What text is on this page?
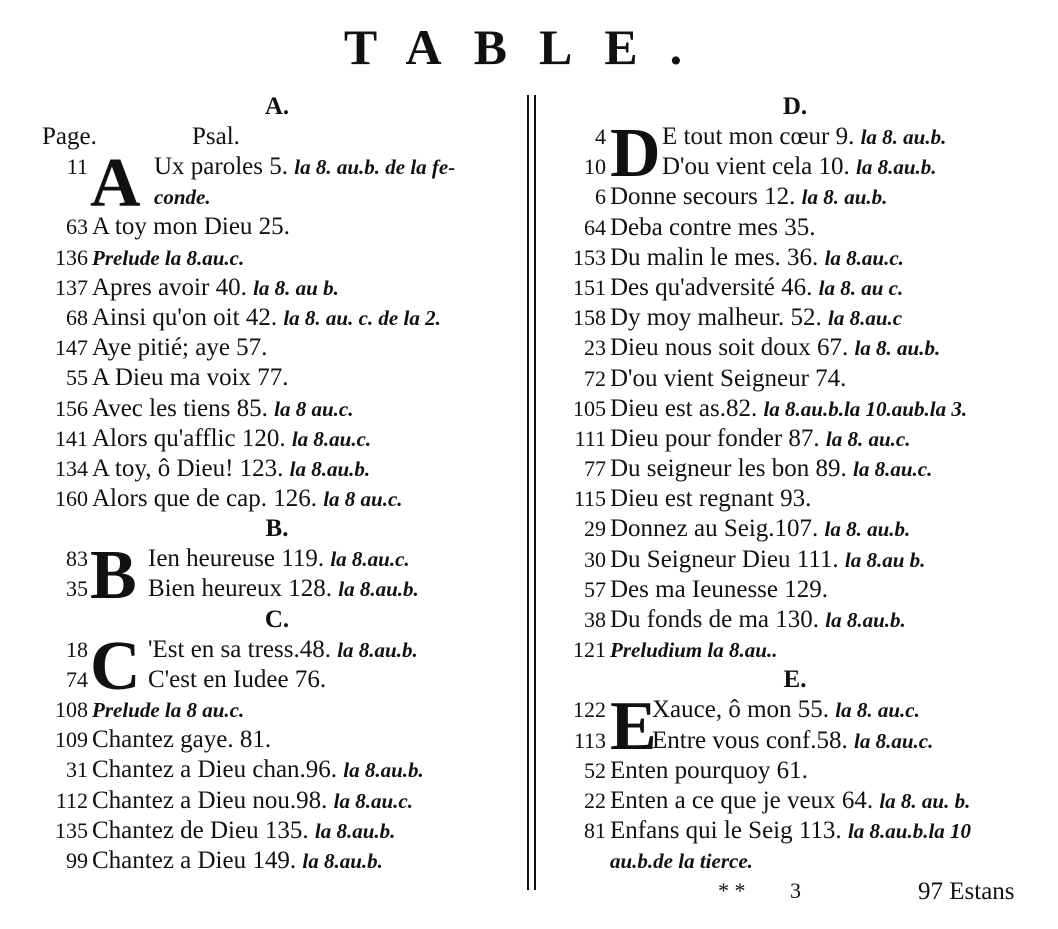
TABLE.
A.
Page.	Psal.
A
11	Ux paroles 5. la 8. au.b. de la fe-
conde.
63 A toy mon Dieu 25.
136 Prelude la 8.au.c.
137 Apres avoir 40. la 8. au b.
68 Ainsi qu'on oit 42. la 8. au. c. de la 2.
147 Aye pitié; aye 57.
55 A Dieu ma voix 77.
156 Avec les tiens 85. la 8 au.c.
141 Alors qu'afflic 120. la 8.au.c.
134 A toy, ô Dieu! 123. la 8.au.b.
160 Alors que de cap. 126. la 8 au.c.
B.
B
83	Ien heureuse 119. la 8.au.c.
35	Bien heureux 128. la 8.au.b.
C.
C
18	'Est en sa tress.48. la 8.au.b.
74	C'est en Iudee 76.
108 Prelude la 8 au.c.
109 Chantez gaye. 81.
31 Chantez a Dieu chan.96. la 8.au.b.
112 Chantez a Dieu nou.98. la 8.au.c.
135 Chantez de Dieu 135. la 8.au.b.
99 Chantez a Dieu 149. la 8.au.b.
D.
D
4	E tout mon cœur 9. la 8. au.b.
10	D'ou vient cela 10. la 8.au.b.
6 Donne secours 12. la 8. au.b.
64 Deba contre mes 35.
153 Du malin le mes. 36. la 8.au.c.
151 Des qu'adversité 46. la 8. au c.
158 Dy moy malheur. 52. la 8.au.c
23 Dieu nous soit doux 67. la 8. au.b.
72 D'ou vient Seigneur 74.
105 Dieu est as.82. la 8.au.b.la 10.aub.la 3.
111 Dieu pour fonder 87. la 8. au.c.
77 Du seigneur les bon 89. la 8.au.c.
115 Dieu est regnant 93.
29 Donnez au Seig.107. la 8. au.b.
30 Du Seigneur Dieu 111. la 8.au b.
57 Des ma Ieunesse 129.
38 Du fonds de ma 130. la 8.au.b.
121 Preludium la 8.au..
E.
E
122	Xauce, ô mon 55. la 8. au.c.
113	Entre vous conf.58. la 8.au.c.
52 Enten pourquoy 61.
22 Enten a ce que je veux 64. la 8. au. b.
81 Enfans qui le Seig 113. la 8.au.b.la 10
au.b.de la tierce.
* * 3	97 Estans
